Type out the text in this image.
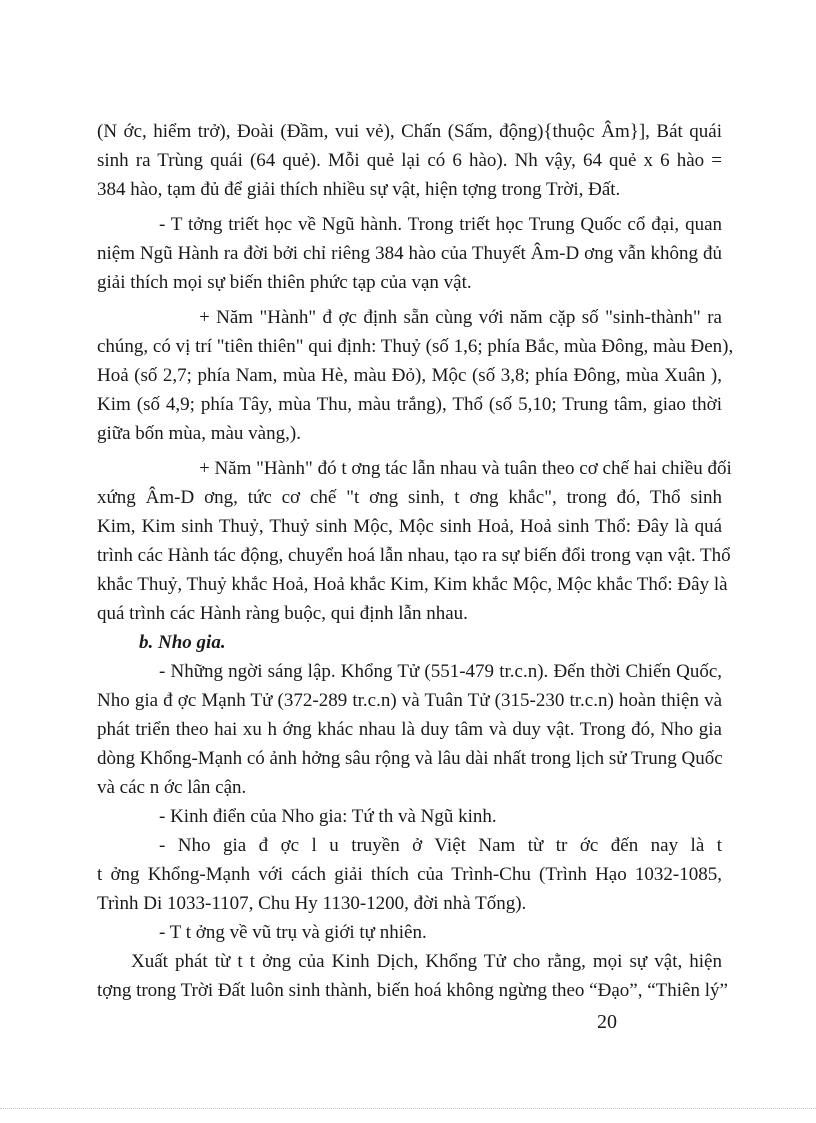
(N ớc, hiểm trở), Đoài (Đầm, vui vẻ), Chấn (Sấm, động){thuộc Âm}], Bát quái
sinh ra Trùng quái (64 quẻ). Mỗi quẻ lại có 6 hào). Nh vậy, 64 quẻ x 6 hào =
384 hào, tạm đủ để giải thích nhiều sự vật, hiện tợng trong Trời, Đất.
- T tởng triết học về Ngũ hành. Trong triết học Trung Quốc cổ đại, quan
niệm Ngũ Hành ra đời bởi chỉ riêng 384 hào của Thuyết Âm-D ơng vẫn không đủ
giải thích mọi sự biến thiên phức tạp của vạn vật.
+ Năm "Hành" đ ợc định sẵn cùng với năm cặp số "sinh-thành" ra
chúng, có vị trí "tiên thiên" qui định: Thuỷ (số 1,6; phía Bắc, mùa Đông, màu Đen),
Hoả (số 2,7; phía Nam, mùa Hè, màu Đỏ), Mộc (số 3,8; phía Đông, mùa Xuân ),
Kim (số 4,9; phía Tây, mùa Thu, màu trắng), Thổ (số 5,10; Trung tâm, giao thời
giữa bốn mùa, màu vàng,).
+ Năm "Hành" đó t ơng tác lẫn nhau và tuân theo cơ chế hai chiều đối
xứng Âm-D ơng, tức cơ chế "t ơng sinh, t ơng khắc", trong đó, Thổ sinh
Kim, Kim sinh Thuỷ, Thuỷ sinh Mộc, Mộc sinh Hoả, Hoả sinh Thổ: Đây là quá
trình các Hành tác động, chuyển hoá lẫn nhau, tạo ra sự biến đổi trong vạn vật. Thổ
khắc Thuỷ, Thuỷ khắc Hoả, Hoả khắc Kim, Kim khắc Mộc, Mộc khắc Thổ: Đây là
quá trình các Hành ràng buộc, qui định lẫn nhau.
b. Nho gia.
- Những ngời sáng lập. Khổng Tử (551-479 tr.c.n). Đến thời Chiến Quốc,
Nho gia đ ợc Mạnh Tử (372-289 tr.c.n) và Tuân Tử (315-230 tr.c.n) hoàn thiện và
phát triển theo hai xu h ớng khác nhau là duy tâm và duy vật. Trong đó, Nho gia
dòng Khổng-Mạnh có ảnh hởng sâu rộng và lâu dài nhất trong lịch sử Trung Quốc
và các n ớc lân cận.
- Kinh điển của Nho gia: Tứ th và Ngũ kinh.
- Nho gia đ ợc l u truyền ở Việt Nam từ tr ớc đến nay là t
t ởng Khổng-Mạnh với cách giải thích của Trình-Chu (Trình Hạo 1032-1085,
Trình Di 1033-1107, Chu Hy 1130-1200, đời nhà Tống).
- T t ởng về vũ trụ và giới tự nhiên.
Xuất phát từ t t ởng của Kinh Dịch, Khổng Tử cho rằng, mọi sự vật, hiện
tợng trong Trời Đất luôn sinh thành, biến hoá không ngừng theo “Đạo”, “Thiên lý”
20
